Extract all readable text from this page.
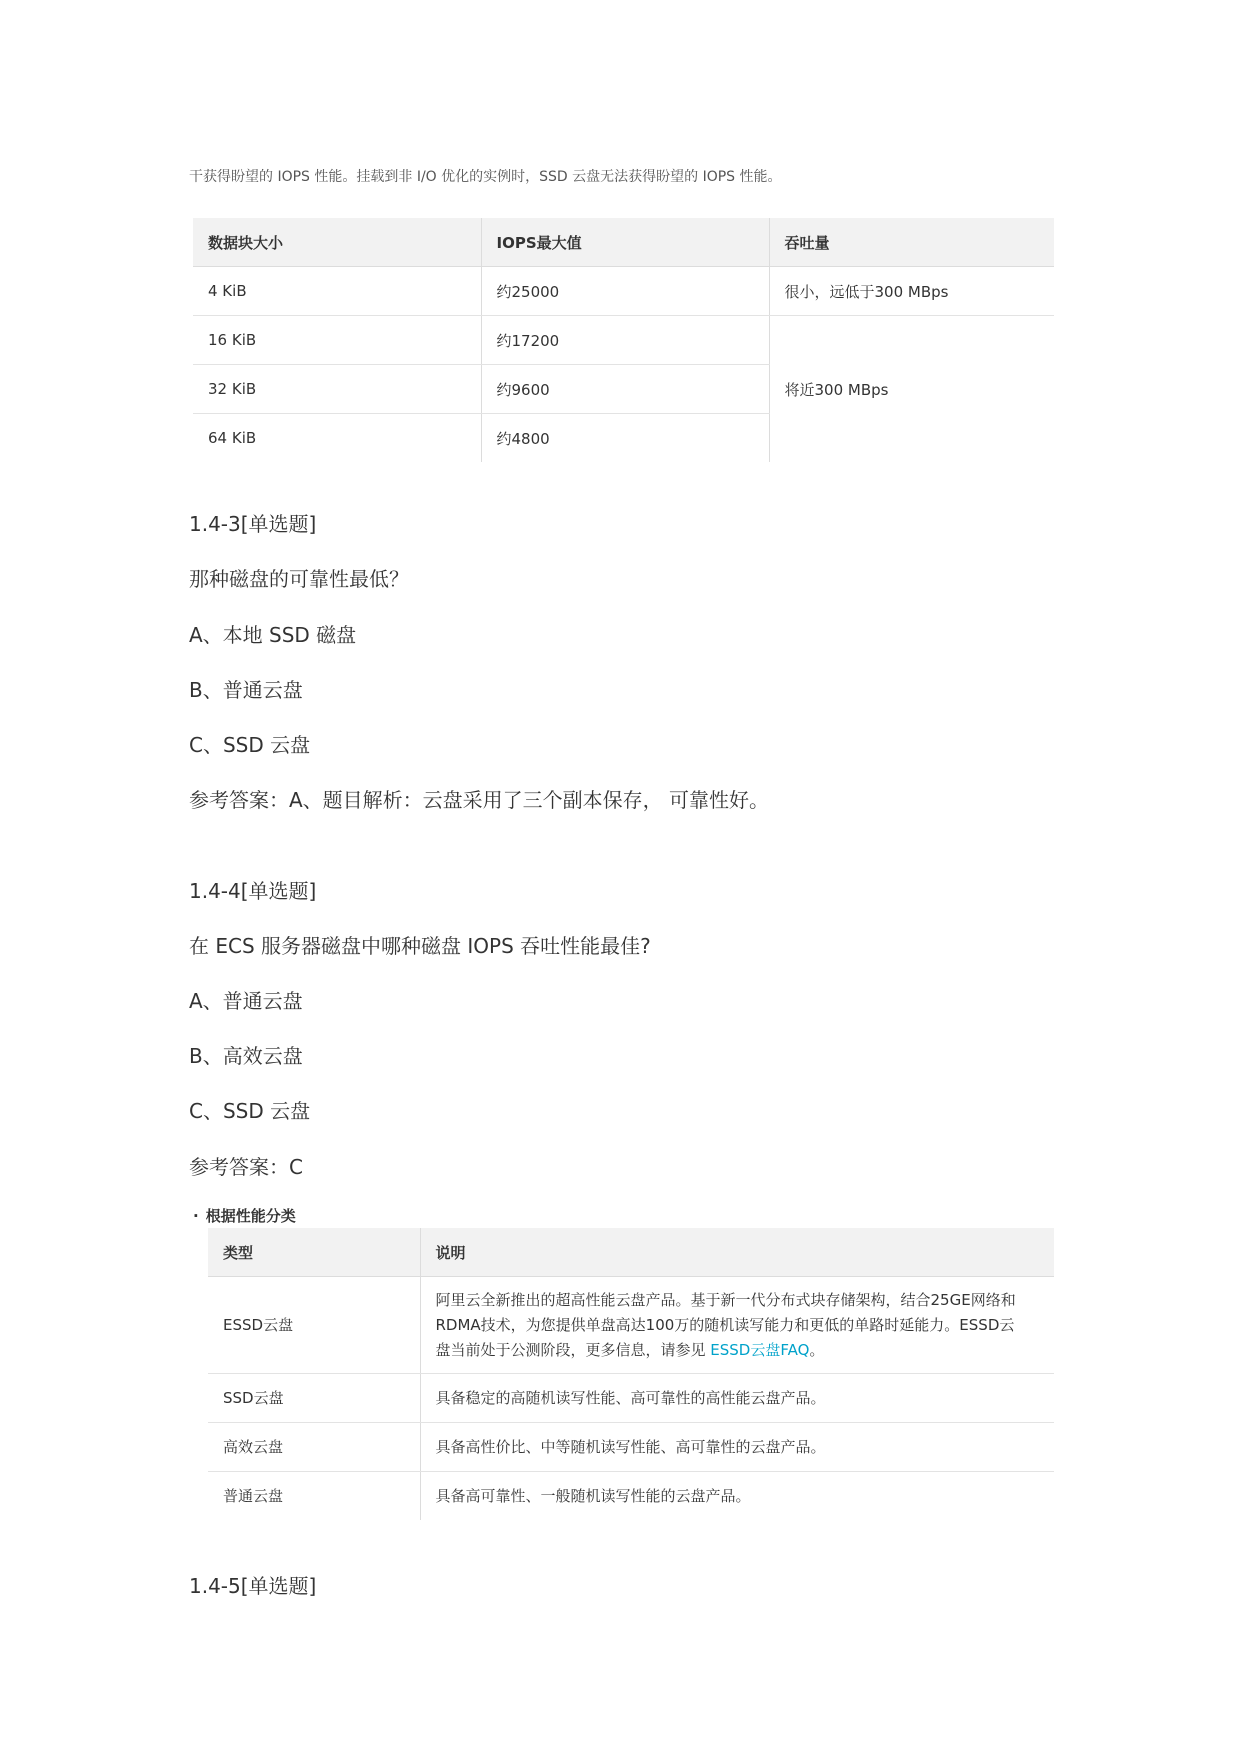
干获得盼望的 IOPS 性能。挂载到非 I/O 优化的实例时，SSD 云盘无法获得盼望的 IOPS 性能。
数据块大小	IOPS最大值	吞吐量
4 KiB	约25000	很小，远低于300 MBps
16 KiB	约17200	将近300 MBps
32 KiB	约9600	
64 KiB	约4800	
1.4-3[单选题]
那种磁盘的可靠性最低？
A、本地 SSD 磁盘
B、普通云盘
C、SSD 云盘
参考答案：A、题目解析：云盘采用了三个副本保存， 可靠性好。
1.4-4[单选题]
在 ECS 服务器磁盘中哪种磁盘 IOPS 吞吐性能最佳?
A、普通云盘
B、高效云盘
C、SSD 云盘
参考答案：C
· 根据性能分类
类型	说明
ESSD云盘	阿里云全新推出的超高性能云盘产品。基于新一代分布式块存储架构，结合25GE网络和
RDMA技术，为您提供单盘高达100万的随机读写能力和更低的单路时延能力。ESSD云
盘当前处于公测阶段，更多信息，请参见 ESSD云盘FAQ。

SSD云盘	具备稳定的高随机读写性能、高可靠性的高性能云盘产品。
高效云盘	具备高性价比、中等随机读写性能、高可靠性的云盘产品。
普通云盘	具备高可靠性、一般随机读写性能的云盘产品。
1.4-5[单选题]
